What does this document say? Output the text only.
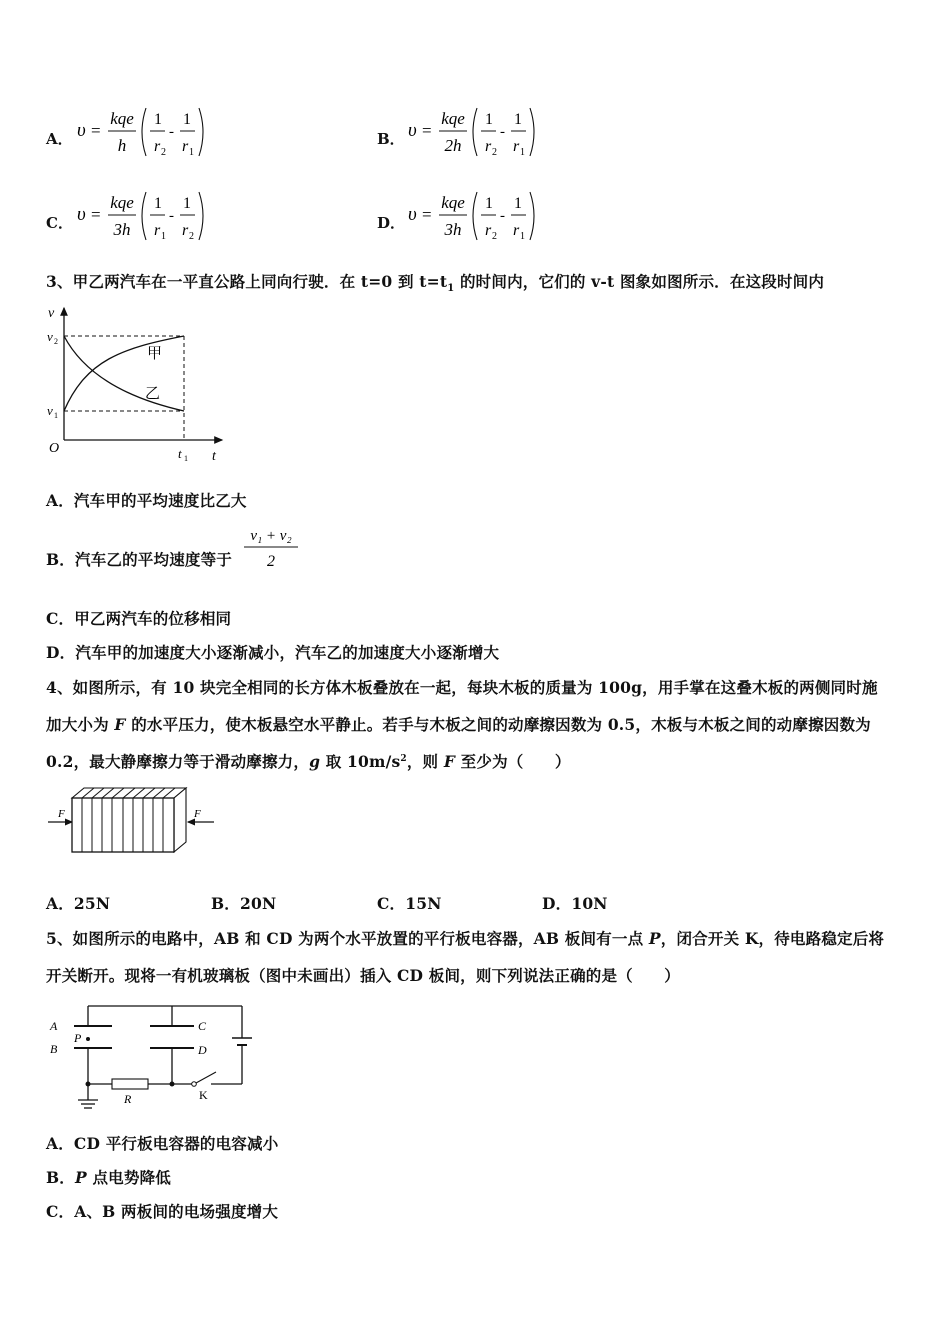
A． υ =
kqe
h
1
r 2
-
1
r 1
B． υ =
kqe
2h
1
r 2
-
1
r 1
C． υ =
kqe
3h
1
r 1
-
1
r 2
D． υ =
kqe
3h
1
r 2
-
1
r 1
3、甲乙两汽车在一平直公路上同向行驶．在 t=0 到 $t=t_1$ 的时间内，它们的 v-t 图象如图所示．在这段时间内
v
t
O
v 2
v 1
t 1
甲
乙
A．汽车甲的平均速度比乙大
B．汽车乙的平均速度等于
v₁ + v₂
2
C．甲乙两汽车的位移相同
D．汽车甲的加速度大小逐渐减小，汽车乙的加速度大小逐渐增大
4、如图所示，有 10 块完全相同的长方体木板叠放在一起，每块木板的质量为 100g，用手掌在这叠木板的两侧同时施
加大小为 F 的水平压力，使木板悬空水平静止。若手与木板之间的动摩擦因数为 0.5，木板与木板之间的动摩擦因数为
0.2，最大静摩擦力等于滑动摩擦力，g 取 $10m/s^2$，则 F 至少为（　　）
F	F
A．25N	B．20N	C．15N	D．10N
5、如图所示的电路中，AB 和 CD 为两个水平放置的平行板电容器，AB 板间有一点 P，闭合开关 K，待电路稳定后将
开关断开。现将一有机玻璃板（图中未画出）插入 CD 板间，则下列说法正确的是（　　）
A
B
P
C
D
R	K
A．CD 平行板电容器的电容减小
B．P 点电势降低
C．A、B 两板间的电场强度增大
